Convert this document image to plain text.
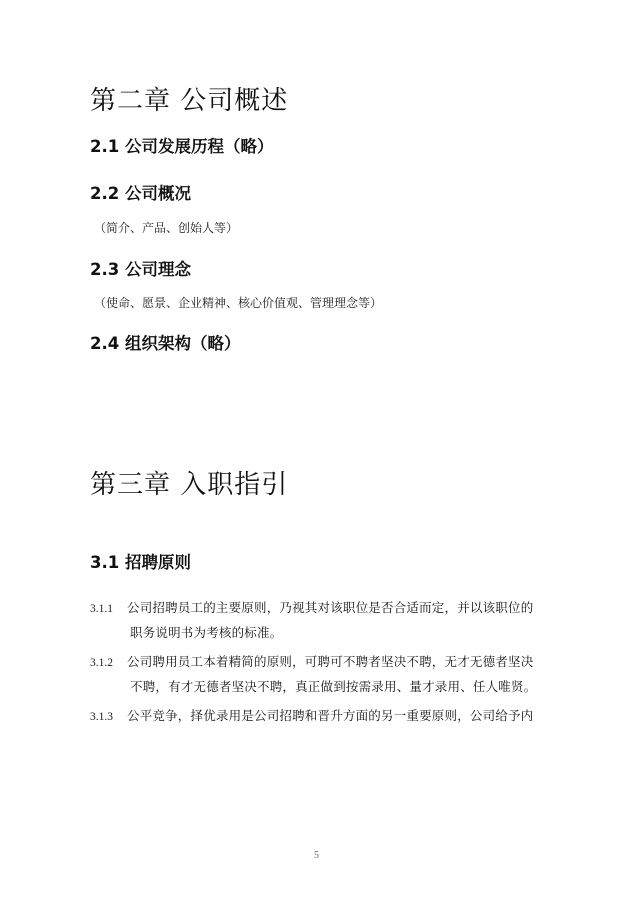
第二章 公司概述
2.1 公司发展历程（略）
2.2 公司概况
（简介、产品、创始人等）
2.3 公司理念
（使命、愿景、企业精神、核心价值观、管理理念等）
2.4 组织架构（略）
第三章 入职指引
3.1 招聘原则
3.1.1 公司招聘员工的主要原则，乃视其对该职位是否合适而定，并以该职位的
职务说明书为考核的标准。
3.1.2 公司聘用员工本着精简的原则，可聘可不聘者坚决不聘，无才无德者坚决
不聘，有才无德者坚决不聘，真正做到按需录用、量才录用、任人唯贤。
3.1.3 公平竞争，择优录用是公司招聘和晋升方面的另一重要原则，公司给予内
5
